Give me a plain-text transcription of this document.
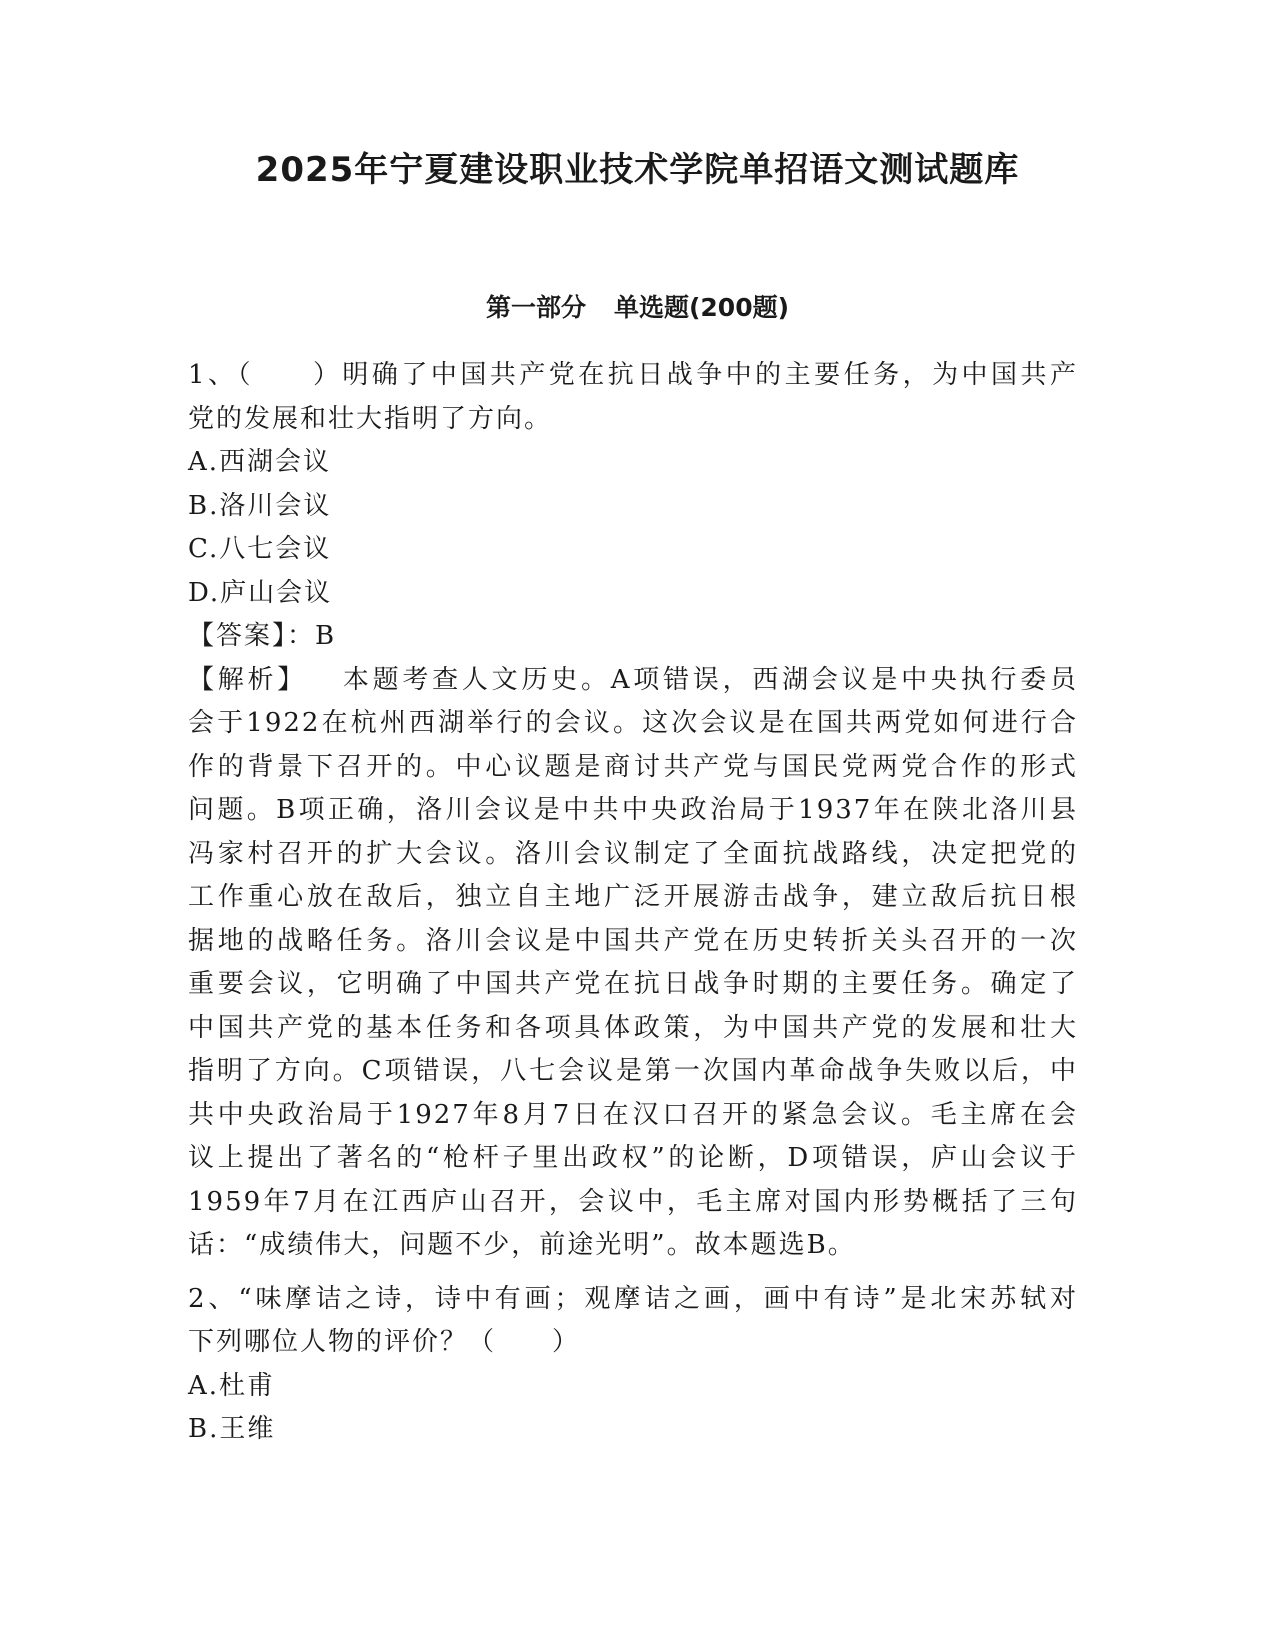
2025年宁夏建设职业技术学院单招语文测试题库
第一部分 单选题(200题)
1、（　　）明确了中国共产党在抗日战争中的主要任务，为中国共产
党的发展和壮大指明了方向。
A.西湖会议
B.洛川会议
C.八七会议
D.庐山会议
【答案】：B
【解析】 本题考查人文历史。A项错误，西湖会议是中央执行委员
会于1922在杭州西湖举行的会议。这次会议是在国共两党如何进行合
作的背景下召开的。中心议题是商讨共产党与国民党两党合作的形式
问题。B项正确，洛川会议是中共中央政治局于1937年在陕北洛川县
冯家村召开的扩大会议。洛川会议制定了全面抗战路线，决定把党的
工作重心放在敌后，独立自主地广泛开展游击战争，建立敌后抗日根
据地的战略任务。洛川会议是中国共产党在历史转折关头召开的一次
重要会议，它明确了中国共产党在抗日战争时期的主要任务。确定了
中国共产党的基本任务和各项具体政策，为中国共产党的发展和壮大
指明了方向。C项错误，八七会议是第一次国内革命战争失败以后，中
共中央政治局于1927年8月7日在汉口召开的紧急会议。毛主席在会
议上提出了著名的“枪杆子里出政权”的论断，D项错误，庐山会议于
1959年7月在江西庐山召开，会议中，毛主席对国内形势概括了三句
话：“成绩伟大，问题不少，前途光明”。故本题选B。
2、“味摩诘之诗，诗中有画；观摩诘之画，画中有诗”是北宋苏轼对
下列哪位人物的评价？（　　）
A.杜甫
B.王维
